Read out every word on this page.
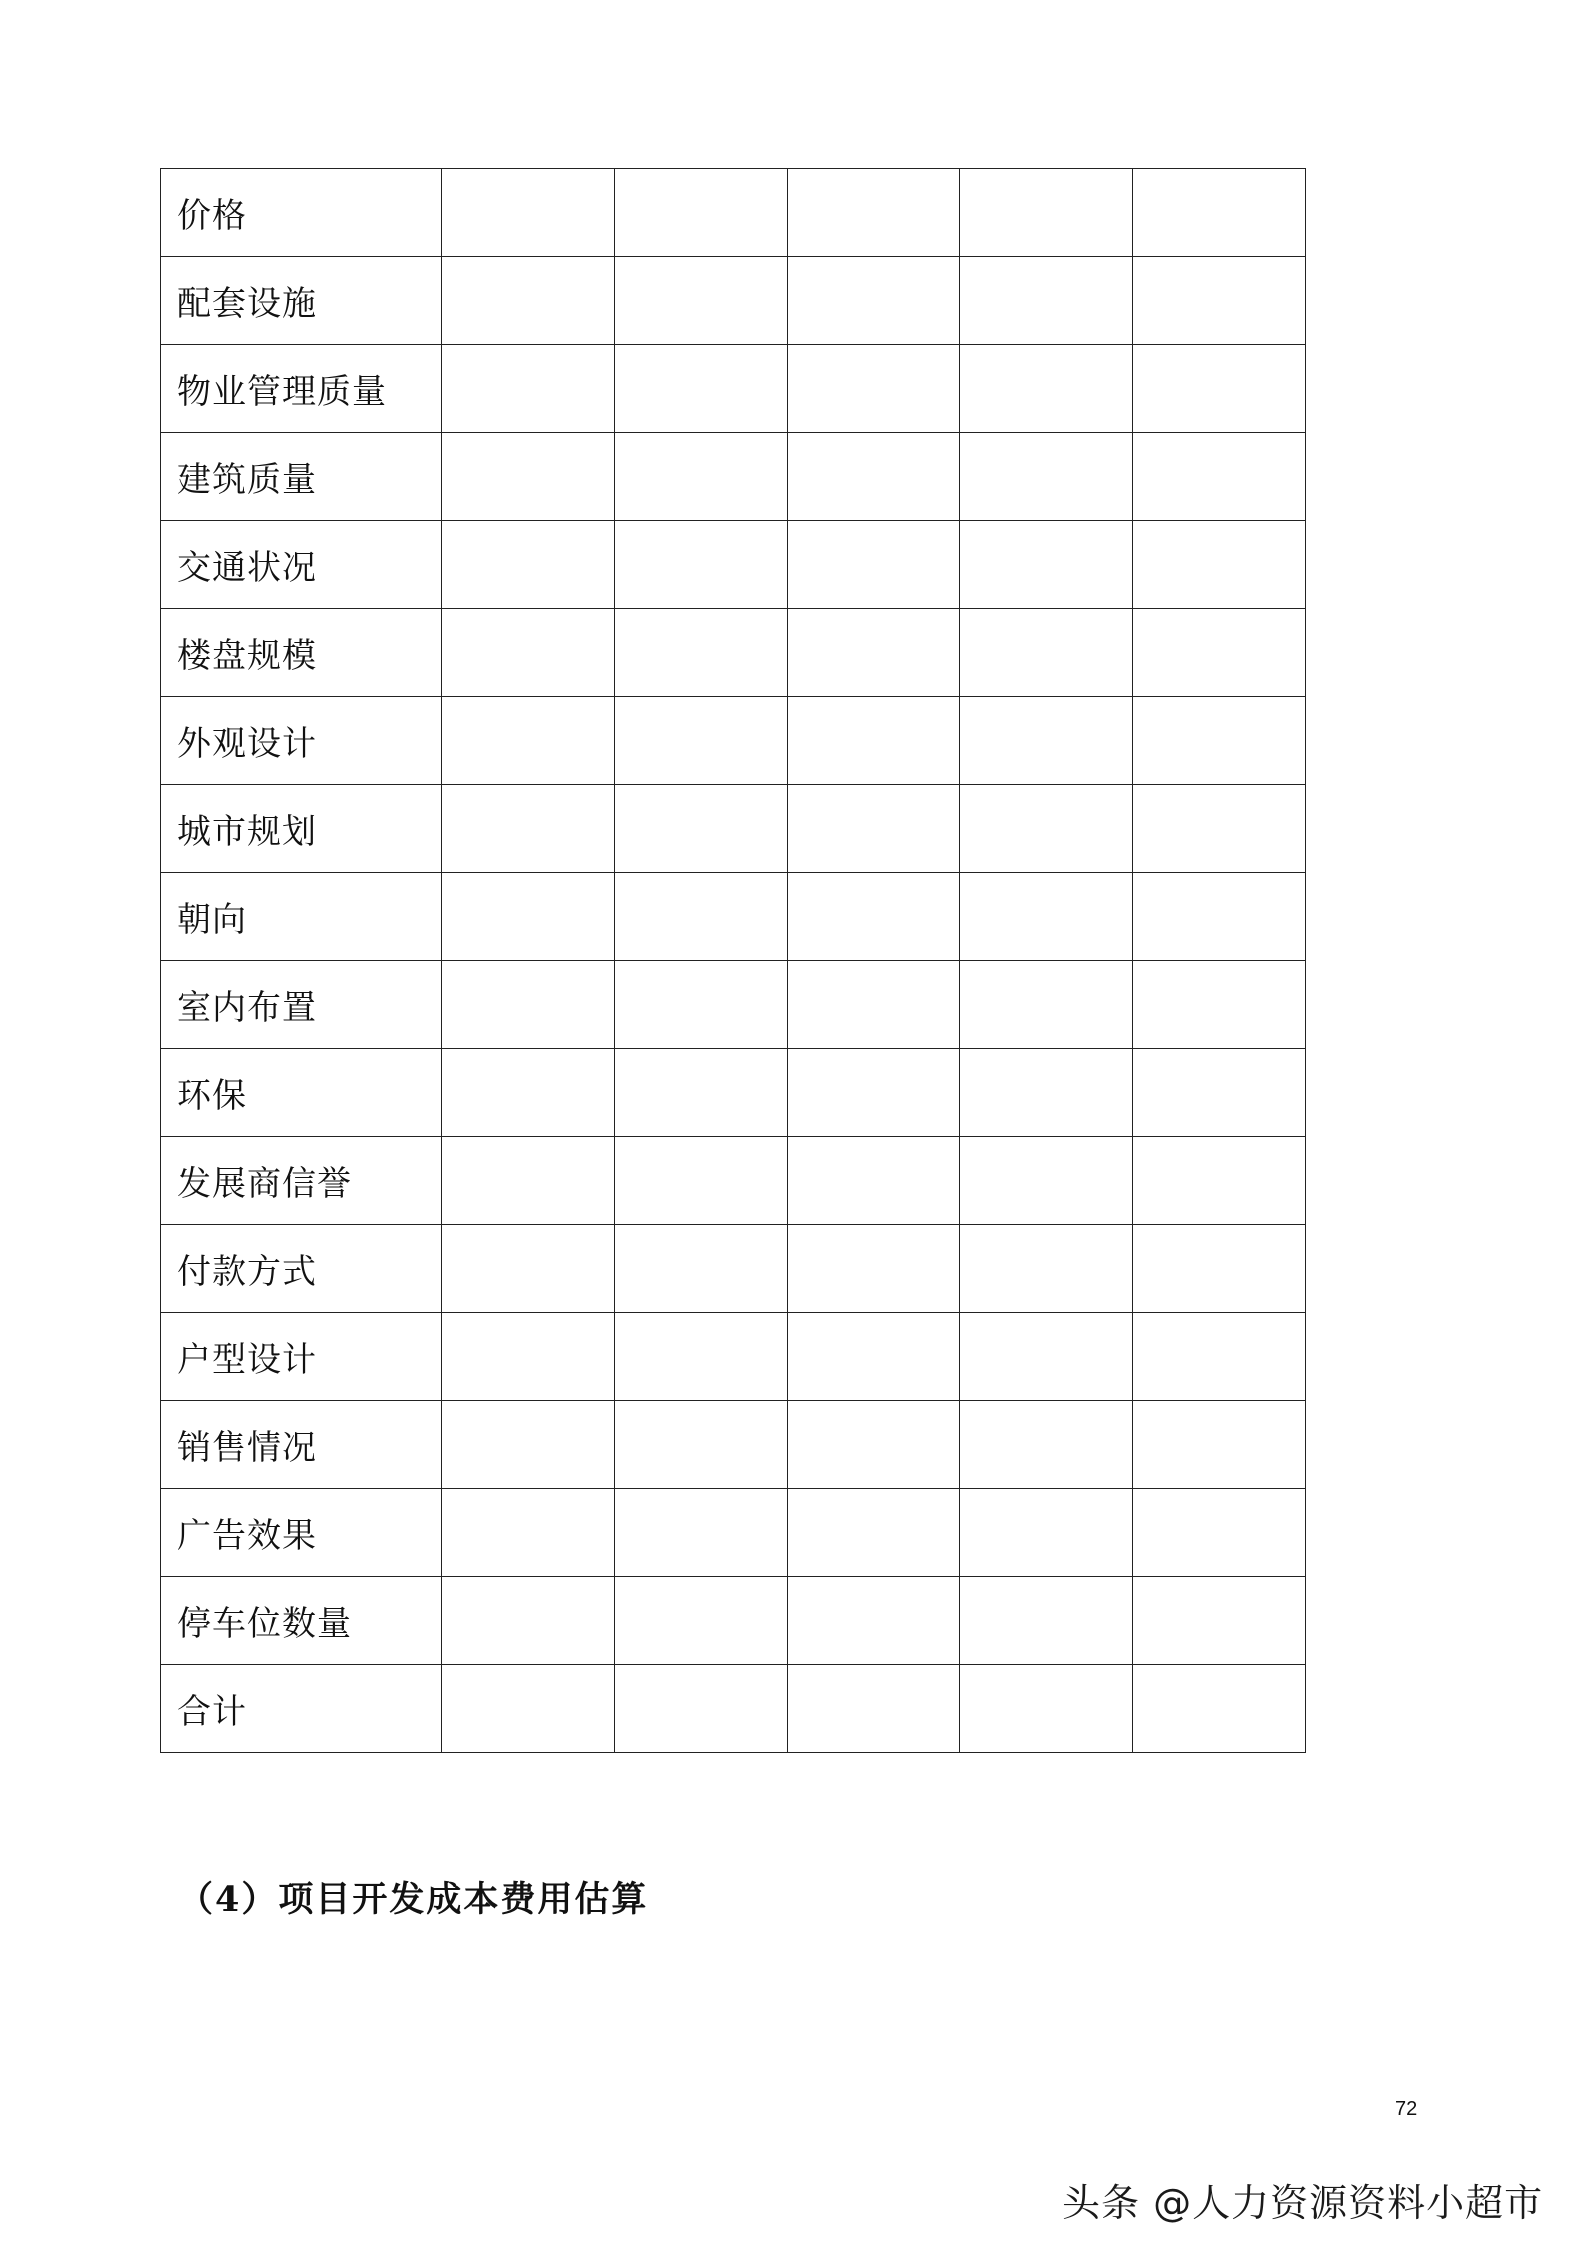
价格					
配套设施					
物业管理质量					
建筑质量					
交通状况					
楼盘规模					
外观设计					
城市规划					
朝向					
室内布置					
环保					
发展商信誉					
付款方式					
户型设计					
销售情况					
广告效果					
停车位数量					
合计					
（4）项目开发成本费用估算
72
头条 @人力资源资料小超市
